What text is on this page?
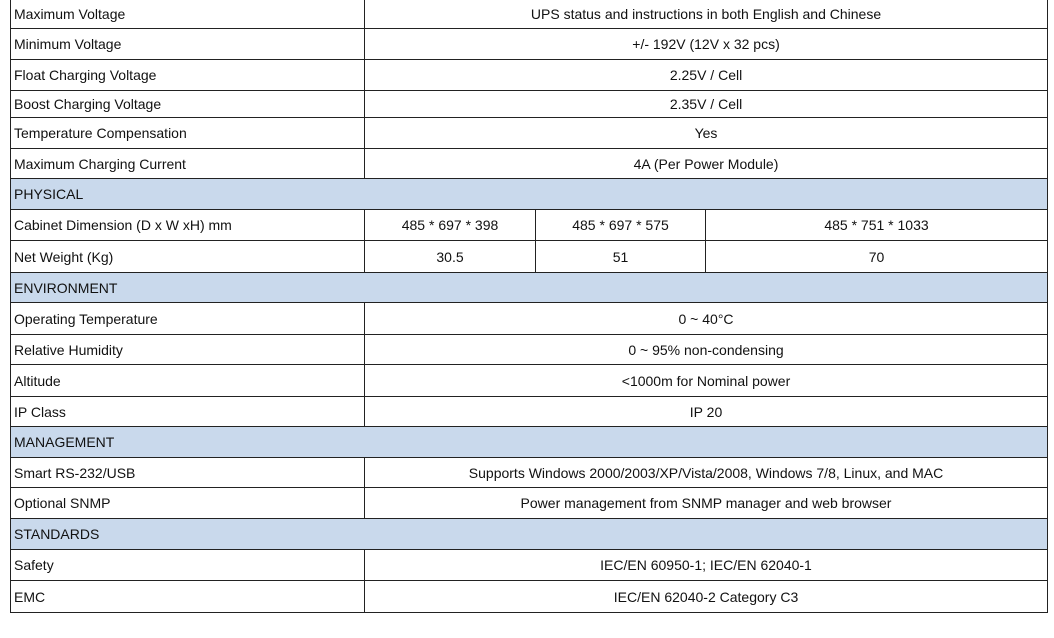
Maximum Voltage	UPS status and instructions in both English and Chinese		
Minimum Voltage	+/- 192V (12V x 32 pcs)		
Float Charging Voltage	2.25V / Cell		
Boost Charging Voltage	2.35V / Cell		
Temperature Compensation	Yes		
Maximum Charging Current	4A (Per Power Module)		
PHYSICAL			
Cabinet Dimension (D x W xH) mm	485 * 697 * 398	485 * 697 * 575	485 * 751 * 1033
Net Weight (Kg)	30.5	51	70
ENVIRONMENT			
Operating Temperature	0 ~ 40°C		
Relative Humidity	0 ~ 95% non-condensing		
Altitude	<1000m for Nominal power		
IP Class	IP 20		
MANAGEMENT			
Smart RS-232/USB	Supports Windows 2000/2003/XP/Vista/2008, Windows 7/8, Linux, and MAC		
Optional SNMP	Power management from SNMP manager and web browser		
STANDARDS			
Safety	IEC/EN 60950-1; IEC/EN 62040-1		
EMC	IEC/EN 62040-2 Category C3		
